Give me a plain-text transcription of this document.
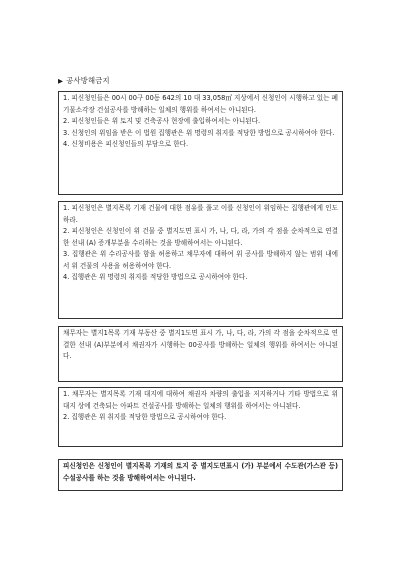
▶ 공사방해금지

1. 피신청인들은 00시 00구 00동 642의 10 대 33,058㎡ 지상에서 신청인이 시행하고 있는 폐기물소각장 건설공사를 방해하는 일체의 행위를 하여서는 아니된다.

2. 피신청인들은 위 토지 및 건축공사 현장에 출입하여서는 아니된다.

3. 신청인의 위임을 받은 이 법원 집행관은 위 명령의 취지를 적당한 방법으로 공시하여야 한다.

4. 신청비용은 피신청인들의 부담으로 한다.

1. 피신청인은 별지목록 기재 건물에 대한 점유를 풀고 이를 신청인이 위임하는 집행관에게 인도하라.

2. 피신청인은 신청인이 위 건물 중 별지도면 표시 가, 나, 다, 라, 가의 각 점을 순차적으로 연결한 선내 (A) 증개부분을 수리하는 것을 방해하여서는 아니된다.

3. 집행관은 위 수리공사를 함을 허용하고 채무자에 대하여 위 공사를 방해하지 않는 범위 내에서 위 건물의 사용을 허용하여야 한다.

4. 집행관은 위 명령의 취지를 적당한 방법으로 공시하여야 한다.

채무자는 별지1목록 기재 부동산 중 별지1도면 표시 가, 나, 다, 라, 가의 각 점을 순차적으로 연결한 선내 (A)부분에서 채권자가 시행하는 00공사를 방해하는 일체의 행위를 하여서는 아니된다.

1. 채무자는 별지목록 기재 대지에 대하여 채권자 차량의 출입을 저지하거나 기타 방법으로 위 대지 상에 건축되는 아파트 건설공사를 방해하는 일체의 행위를 하여서는 아니된다.

2. 집행관은 위 취지를 적당한 방법으로 공시하여야 한다.

피신청인은 신청인이 별지목록 기재의 토지 중 별지도면표시 (가) 부분에서 수도관(가스관 등) 수설공사를 하는 것을 방해하여서는 아니된다.
